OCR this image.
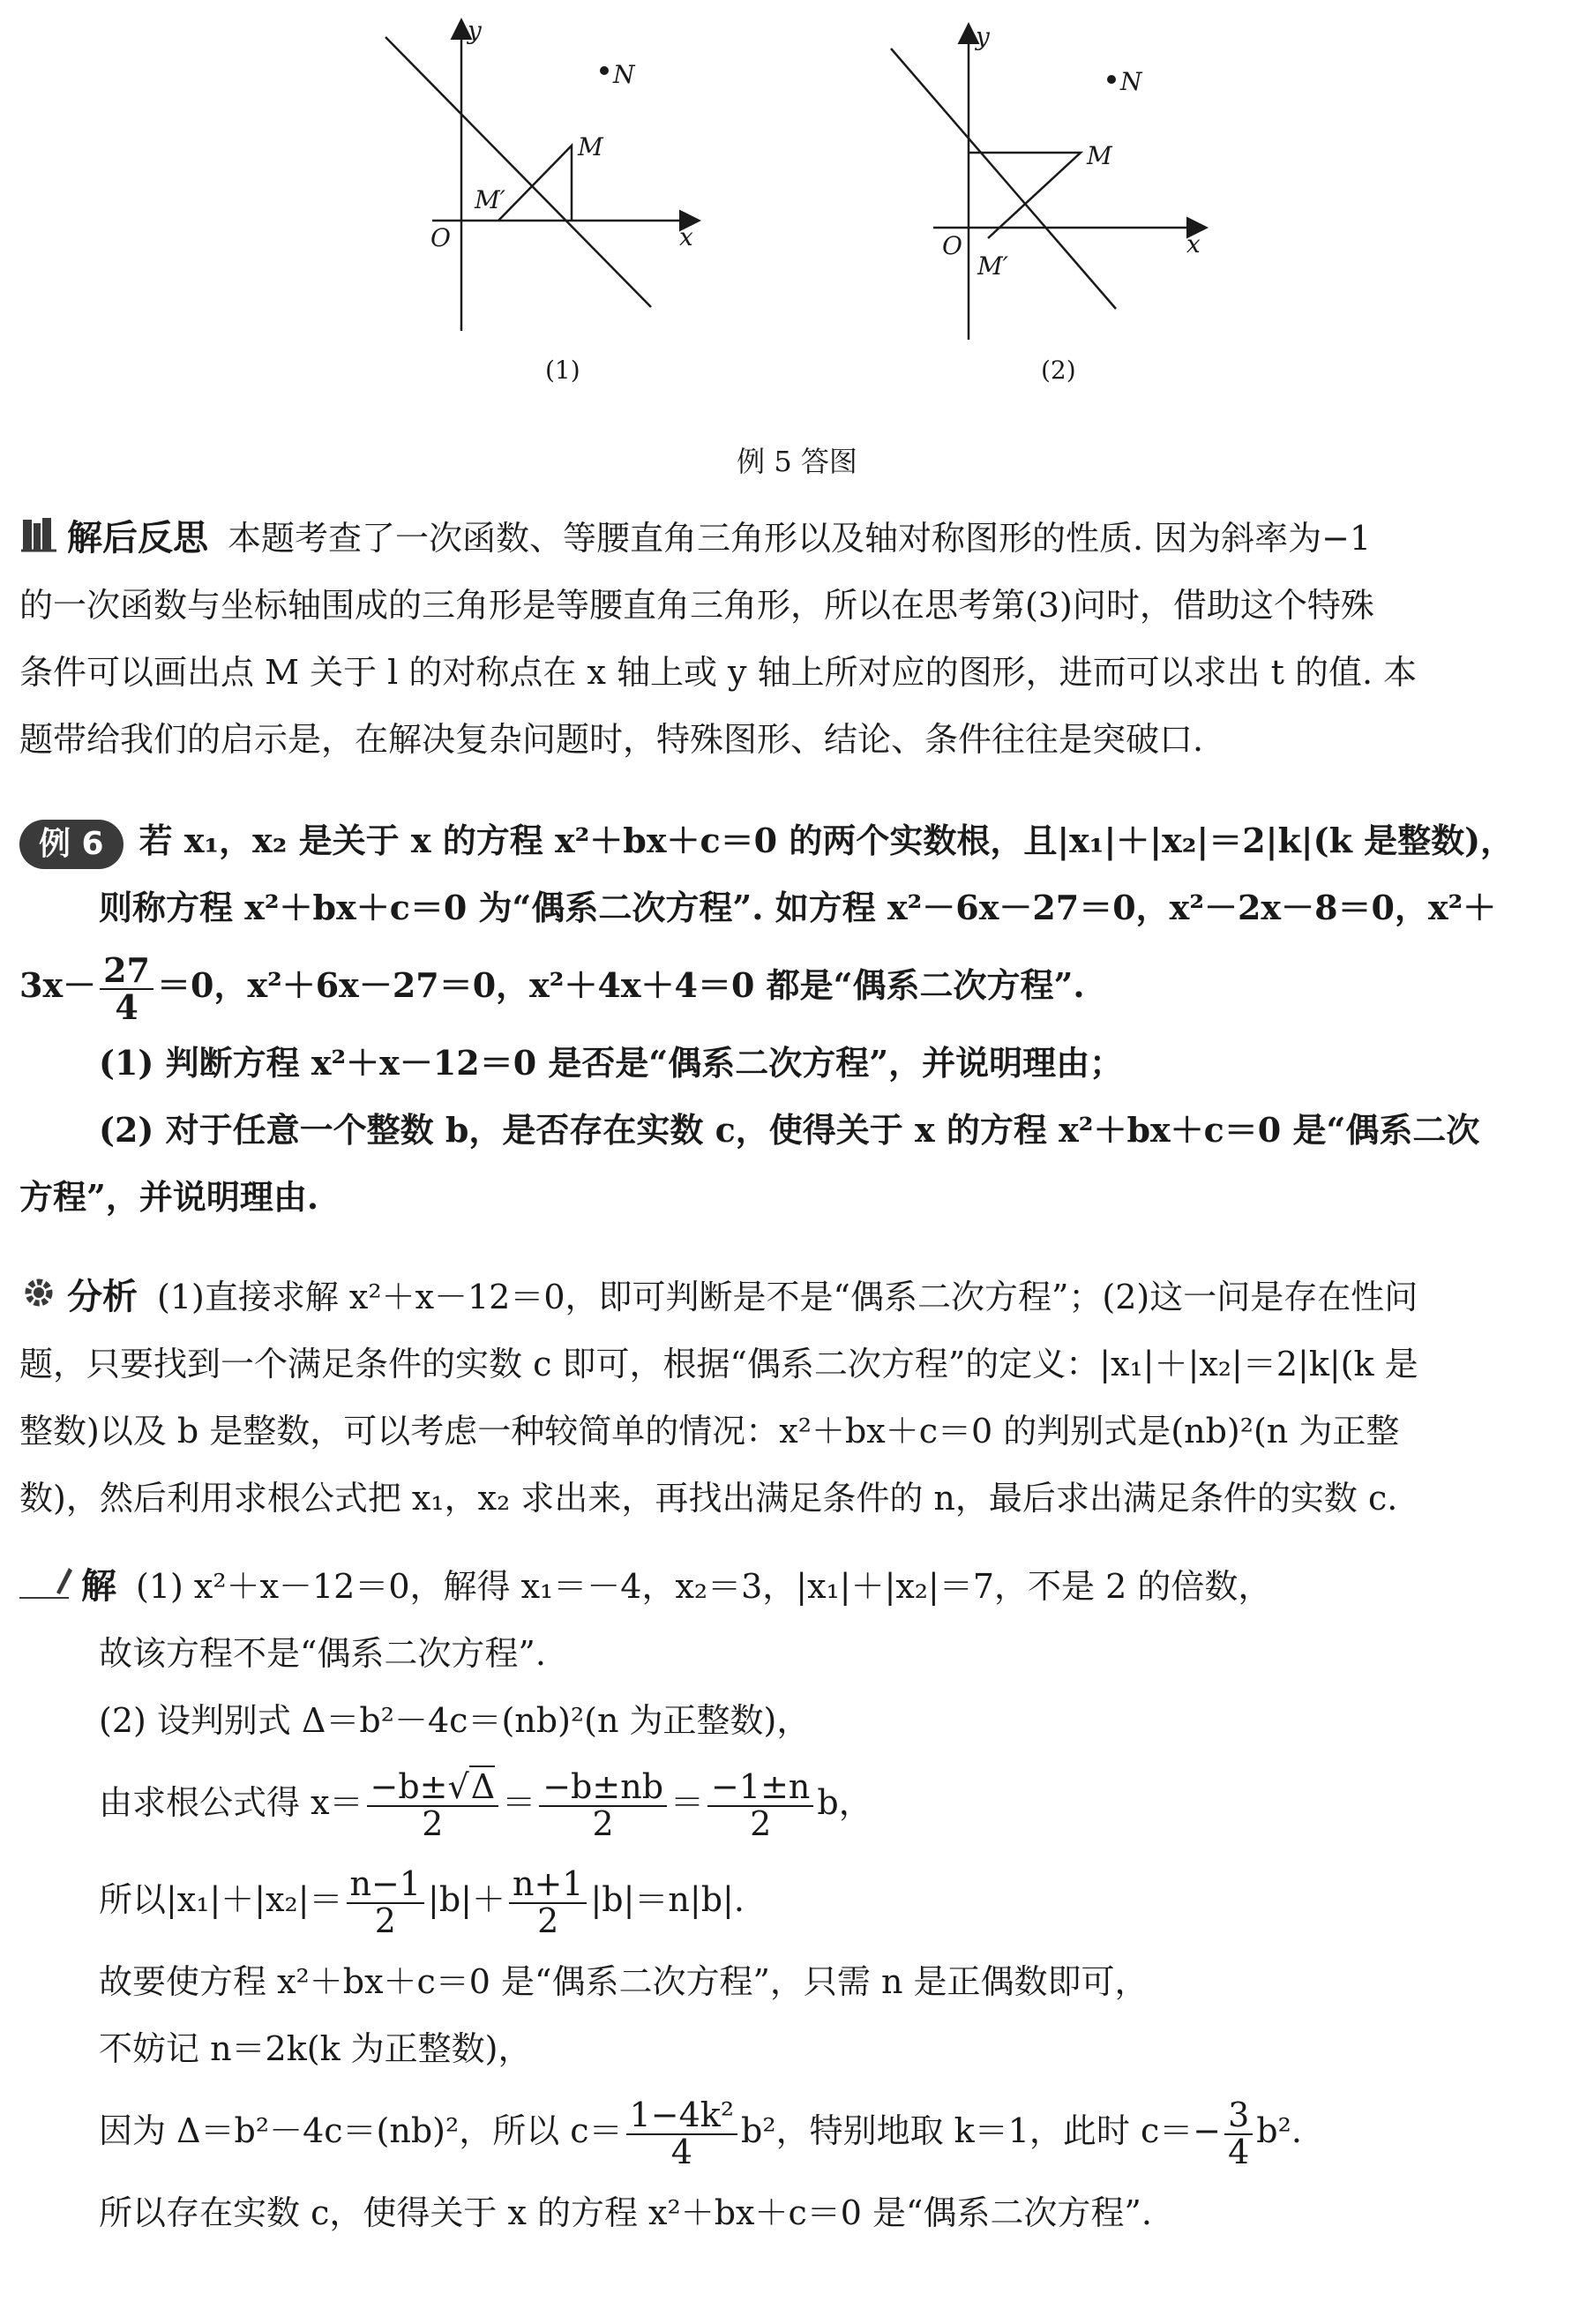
y
x
O
N
M
M′
(1)
y
x
O
N
M
M′
(2)
例 5 答图
解后反思 本题考查了一次函数、等腰直角三角形以及轴对称图形的性质. 因为斜率为−1
的一次函数与坐标轴围成的三角形是等腰直角三角形，所以在思考第(3)问时，借助这个特殊
条件可以画出点 M 关于 l 的对称点在 x 轴上或 y 轴上所对应的图形，进而可以求出 t 的值. 本
题带给我们的启示是，在解决复杂问题时，特殊图形、结论、条件往往是突破口.
例 6 若 x₁，x₂ 是关于 x 的方程 x²＋bx＋c＝0 的两个实数根，且|x₁|＋|x₂|＝2|k|(k 是整数)，
则称方程 x²＋bx＋c＝0 为“偶系二次方程”. 如方程 x²－6x－27＝0，x²－2x－8＝0，x²＋
$3x- \frac{27}{4} =0$，x²＋6x－27＝0，x²＋4x＋4＝0 都是“偶系二次方程”.
(1) 判断方程 x²＋x－12＝0 是否是“偶系二次方程”，并说明理由；
(2) 对于任意一个整数 b，是否存在实数 c，使得关于 x 的方程 x²＋bx＋c＝0 是“偶系二次
方程”，并说明理由.
分析 (1)直接求解 x²＋x－12＝0，即可判断是不是“偶系二次方程”；(2)这一问是存在性问
题，只要找到一个满足条件的实数 c 即可，根据“偶系二次方程”的定义：|x₁|＋|x₂|＝2|k|(k 是
整数)以及 b 是整数，可以考虑一种较简单的情况：x²＋bx＋c＝0 的判别式是(nb)²(n 为正整
数)，然后利用求根公式把 x₁，x₂ 求出来，再找出满足条件的 n，最后求出满足条件的实数 c.
解 (1) x²＋x－12＝0，解得 x₁＝－4，x₂＝3，|x₁|＋|x₂|＝7，不是 2 的倍数，
故该方程不是“偶系二次方程”.
(2) 设判别式 Δ＝b²－4c＝(nb)²(n 为正整数)，
由求根公式得 $x= \frac{-b\pm√\Delta}{2} = \frac{-b\pm nb}{2} = \frac{-1\pm n}{2}$ b，
所以$|x_1|+|x_2|= \frac{n-1}{2} |b|+ \frac{n+1}{2} |b|=n|b|$.
故要使方程 x²＋bx＋c＝0 是“偶系二次方程”，只需 n 是正偶数即可，
不妨记 n＝2k(k 为正整数)，
因为 Δ＝b²－4c＝(nb)²，所以 $c= \frac{\text{1−4k²}}{4} b^2$，特别地取 k＝1，此时 $c=- \frac{3}{4} b^2$.
所以存在实数 c，使得关于 x 的方程 x²＋bx＋c＝0 是“偶系二次方程”.
